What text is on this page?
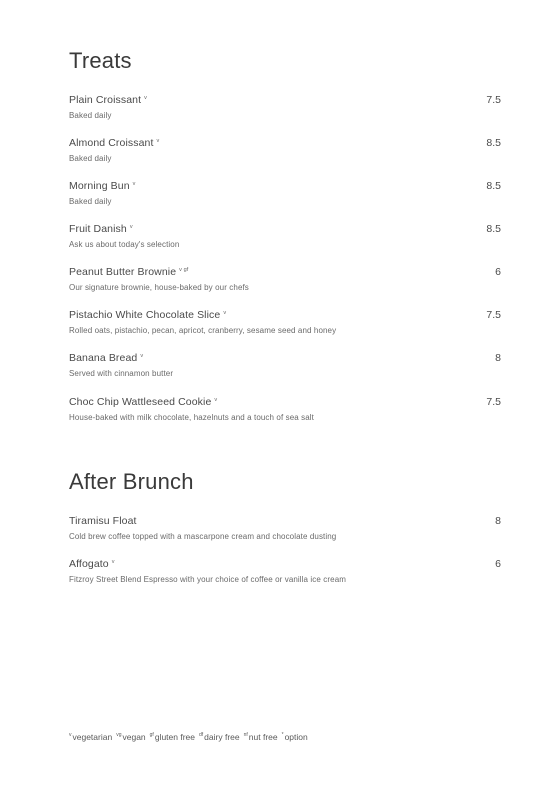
Treats
Plain Croissant $^v$	7.5
Baked daily
Almond Croissant $^v$	8.5
Baked daily
Morning Bun $^v$	8.5
Baked daily
Fruit Danish $^v$	8.5
Ask us about today's selection
Peanut Butter Brownie $^{v gf}$	6
Our signature brownie, house-baked by our chefs
Pistachio White Chocolate Slice $^v$	7.5
Rolled oats, pistachio, pecan, apricot, cranberry, sesame seed and honey
Banana Bread $^v$	8
Served with cinnamon butter
Choc Chip Wattleseed Cookie $^v$	7.5
House-baked with milk chocolate, hazelnuts and a touch of sea salt
After Brunch
Tiramisu Float	8
Cold brew coffee topped with a mascarpone cream and chocolate dusting
Affogato $^v$	6
Fitzroy Street Blend Espresso with your choice of coffee or vanilla ice cream
$^v$vegetarian $^{vg}$vegan $^{gf}$gluten free $^{df}$dairy free $^{nf}$nut free *option
